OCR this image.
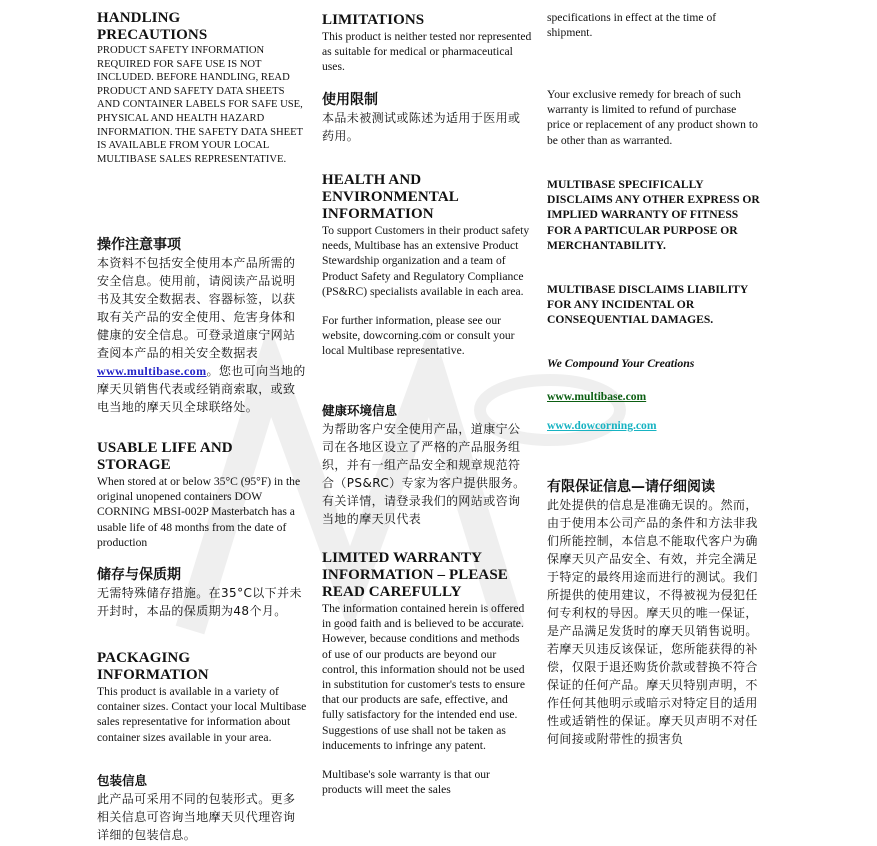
HANDLING
PRECAUTIONS

PRODUCT SAFETY INFORMATION REQUIRED FOR SAFE USE IS NOT INCLUDED. BEFORE HANDLING, READ PRODUCT AND SAFETY DATA SHEETS AND CONTAINER LABELS FOR SAFE USE, PHYSICAL AND HEALTH HAZARD INFORMATION. THE SAFETY DATA SHEET IS AVAILABLE FROM YOUR LOCAL MULTIBASE SALES REPRESENTATIVE.

操作注意事项

本资料不包括安全使用本产品所需的安全信息。使用前，请阅读产品说明书及其安全数据表、容器标签，以获取有关产品的安全使用、危害身体和健康的安全信息。可登录道康宁网站查阅本产品的相关安全数据表www.multibase.com。您也可向当地的摩天贝销售代表或经销商索取，或致电当地的摩天贝全球联络处。

USABLE LIFE AND
STORAGE

When stored at or below 35°C (95°F) in the original unopened containers DOW CORNING MBSI-002P Masterbatch has a usable life of 48 months from the date of production

储存与保质期

无需特殊储存措施。在35°C以下并未开封时，本品的保质期为48个月。

PACKAGING
INFORMATION

This product is available in a variety of container sizes. Contact your local Multibase sales representative for information about container sizes available in your area.

包装信息

此产品可采用不同的包装形式。更多相关信息可咨询当地摩天贝代理咨询详细的包装信息。

LIMITATIONS

This product is neither tested nor represented as suitable for medical or pharmaceutical uses.

使用限制

本品未被测试或陈述为适用于医用或药用。

HEALTH AND
ENVIRONMENTAL
INFORMATION

To support Customers in their product safety needs, Multibase has an extensive Product Stewardship organization and a team of Product Safety and Regulatory Compliance (PS&RC) specialists available in each area.

For further information, please see our website, dowcorning.com or consult your local Multibase representative.

健康环境信息

为帮助客户安全使用产品，道康宁公司在各地区设立了严格的产品服务组织，并有一组产品安全和规章规范符合（PS&RC）专家为客户提供服务。有关详情，请登录我们的网站或咨询当地的摩天贝代表

LIMITED WARRANTY
INFORMATION – PLEASE
READ CAREFULLY

The information contained herein is offered in good faith and is believed to be accurate. However, because conditions and methods of use of our products are beyond our control, this information should not be used in substitution for customer's tests to ensure that our products are safe, effective, and fully satisfactory for the intended end use. Suggestions of use shall not be taken as inducements to infringe any patent.

Multibase's sole warranty is that our products will meet the sales

specifications in effect at the time of shipment.

Your exclusive remedy for breach of such warranty is limited to refund of purchase price or replacement of any product shown to be other than as warranted.

MULTIBASE SPECIFICALLY DISCLAIMS ANY OTHER EXPRESS OR IMPLIED WARRANTY OF FITNESS FOR A PARTICULAR PURPOSE OR MERCHANTABILITY.

MULTIBASE DISCLAIMS LIABILITY FOR ANY INCIDENTAL OR CONSEQUENTIAL DAMAGES.

We Compound Your Creations

www.multibase.com
www.dowcorning.com
有限保证信息—请仔细阅读

此处提供的信息是准确无误的。然而，由于使用本公司产品的条件和方法非我们所能控制，本信息不能取代客户为确保摩天贝产品安全、有效，并完全满足于特定的最终用途而进行的测试。我们所提供的使用建议，不得被视为侵犯任何专利权的导因。摩天贝的唯一保证，是产品满足发货时的摩天贝销售说明。若摩天贝违反该保证，您所能获得的补偿，仅限于退还购货价款或替换不符合保证的任何产品。摩天贝特别声明，不作任何其他明示或暗示对特定目的适用性或适销性的保证。摩天贝声明不对任何间接或附带性的损害负
